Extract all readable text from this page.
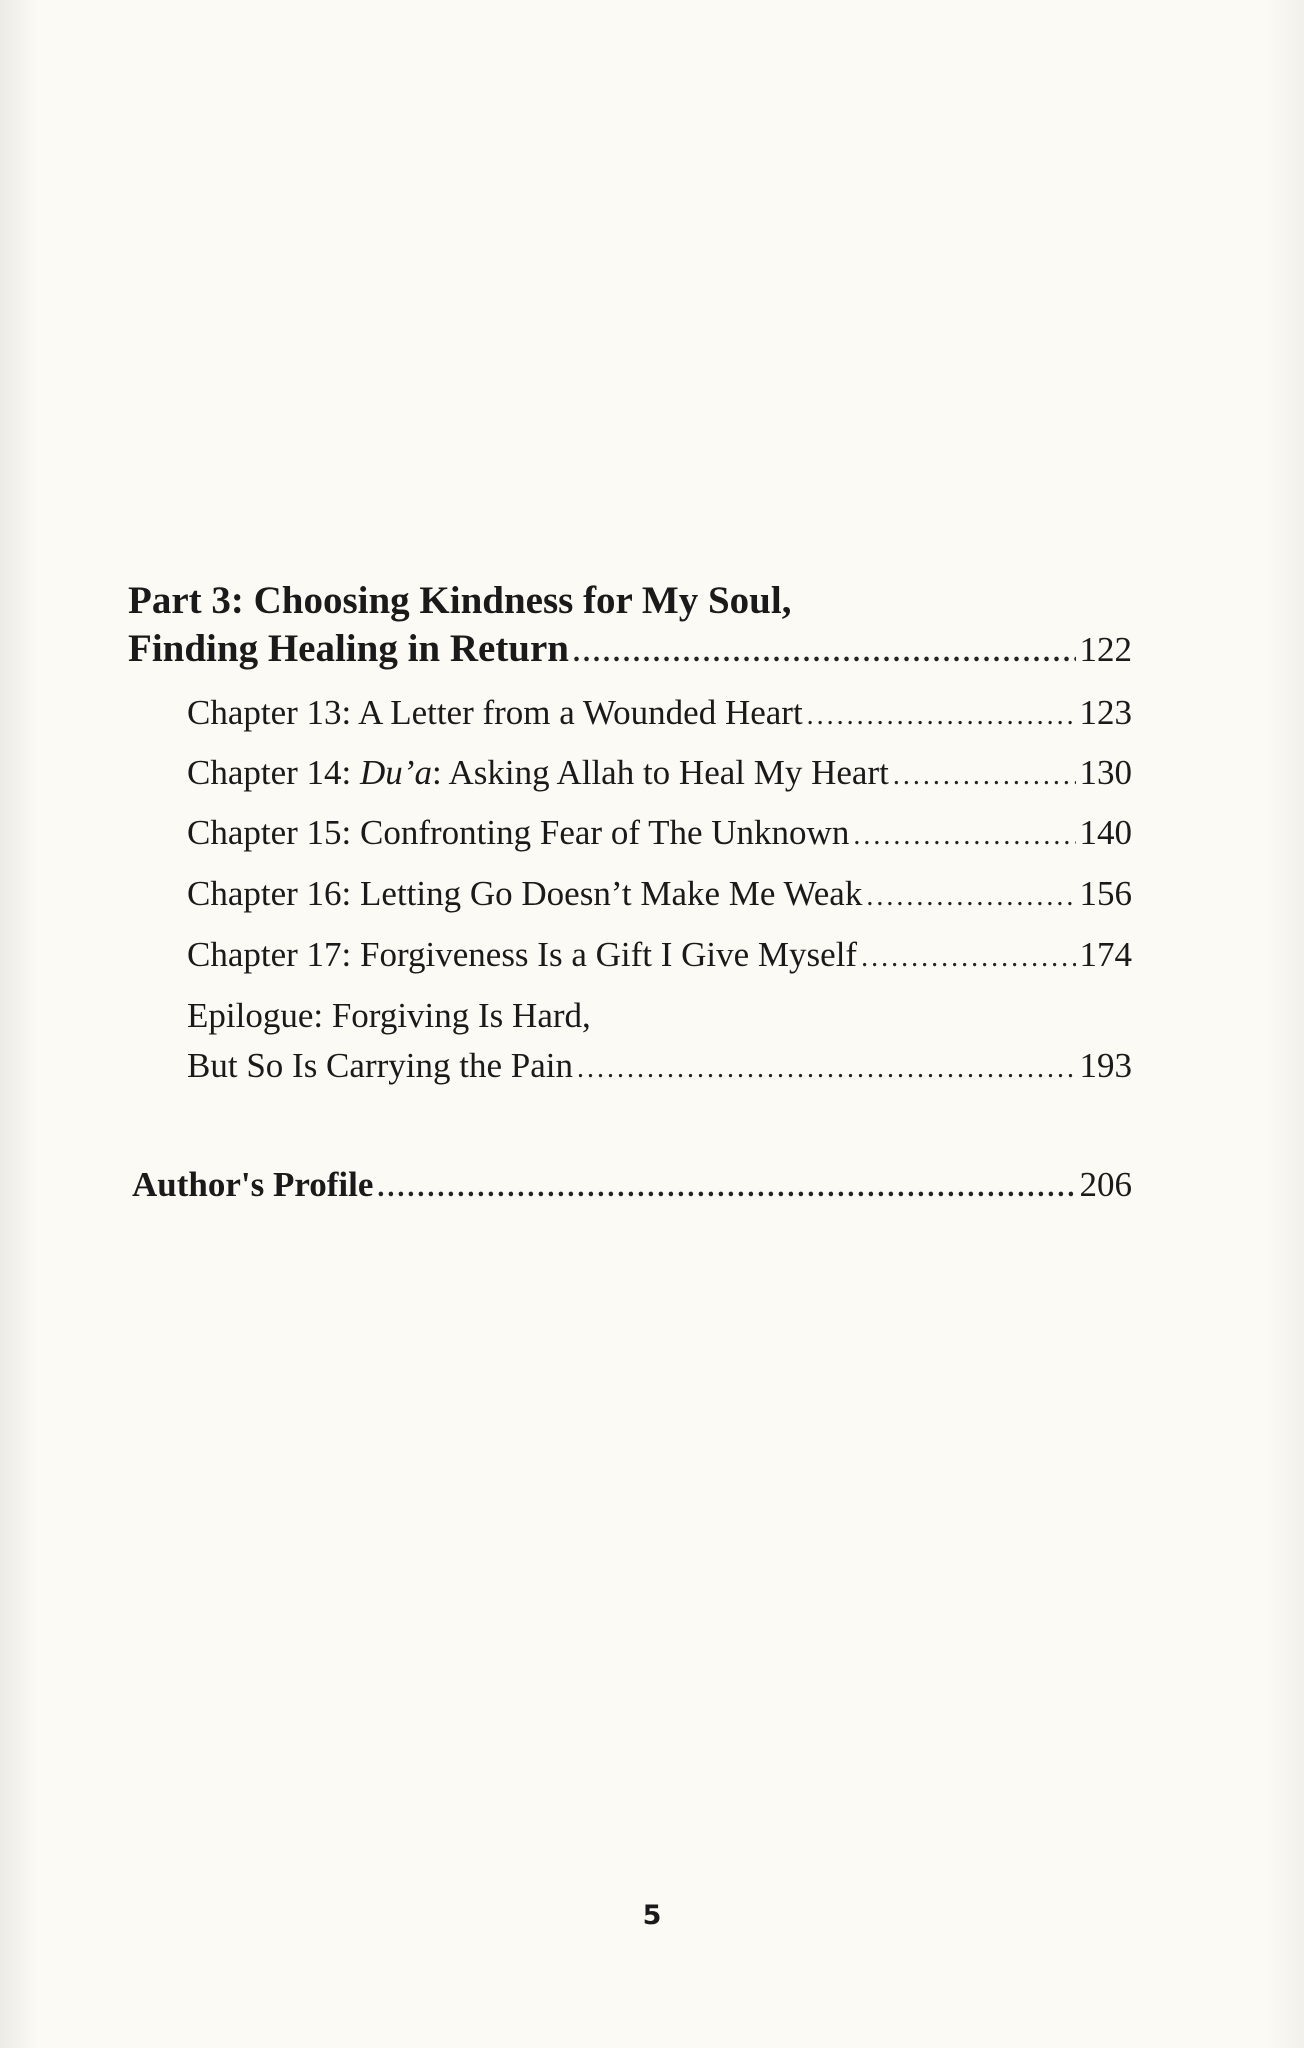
Part 3: Choosing Kindness for My Soul,
Finding Healing in Return .....	122
Chapter 13: A Letter from a Wounded Heart .....	123
Chapter 14: Du’a: Asking Allah to Heal My Heart .....	130
Chapter 15: Confronting Fear of The Unknown .....	140
Chapter 16: Letting Go Doesn’t Make Me Weak .....	156
Chapter 17: Forgiveness Is a Gift I Give Myself .....	174
Epilogue: Forgiving Is Hard,
But So Is Carrying the Pain .....	193
Author's Profile .....	206
5
